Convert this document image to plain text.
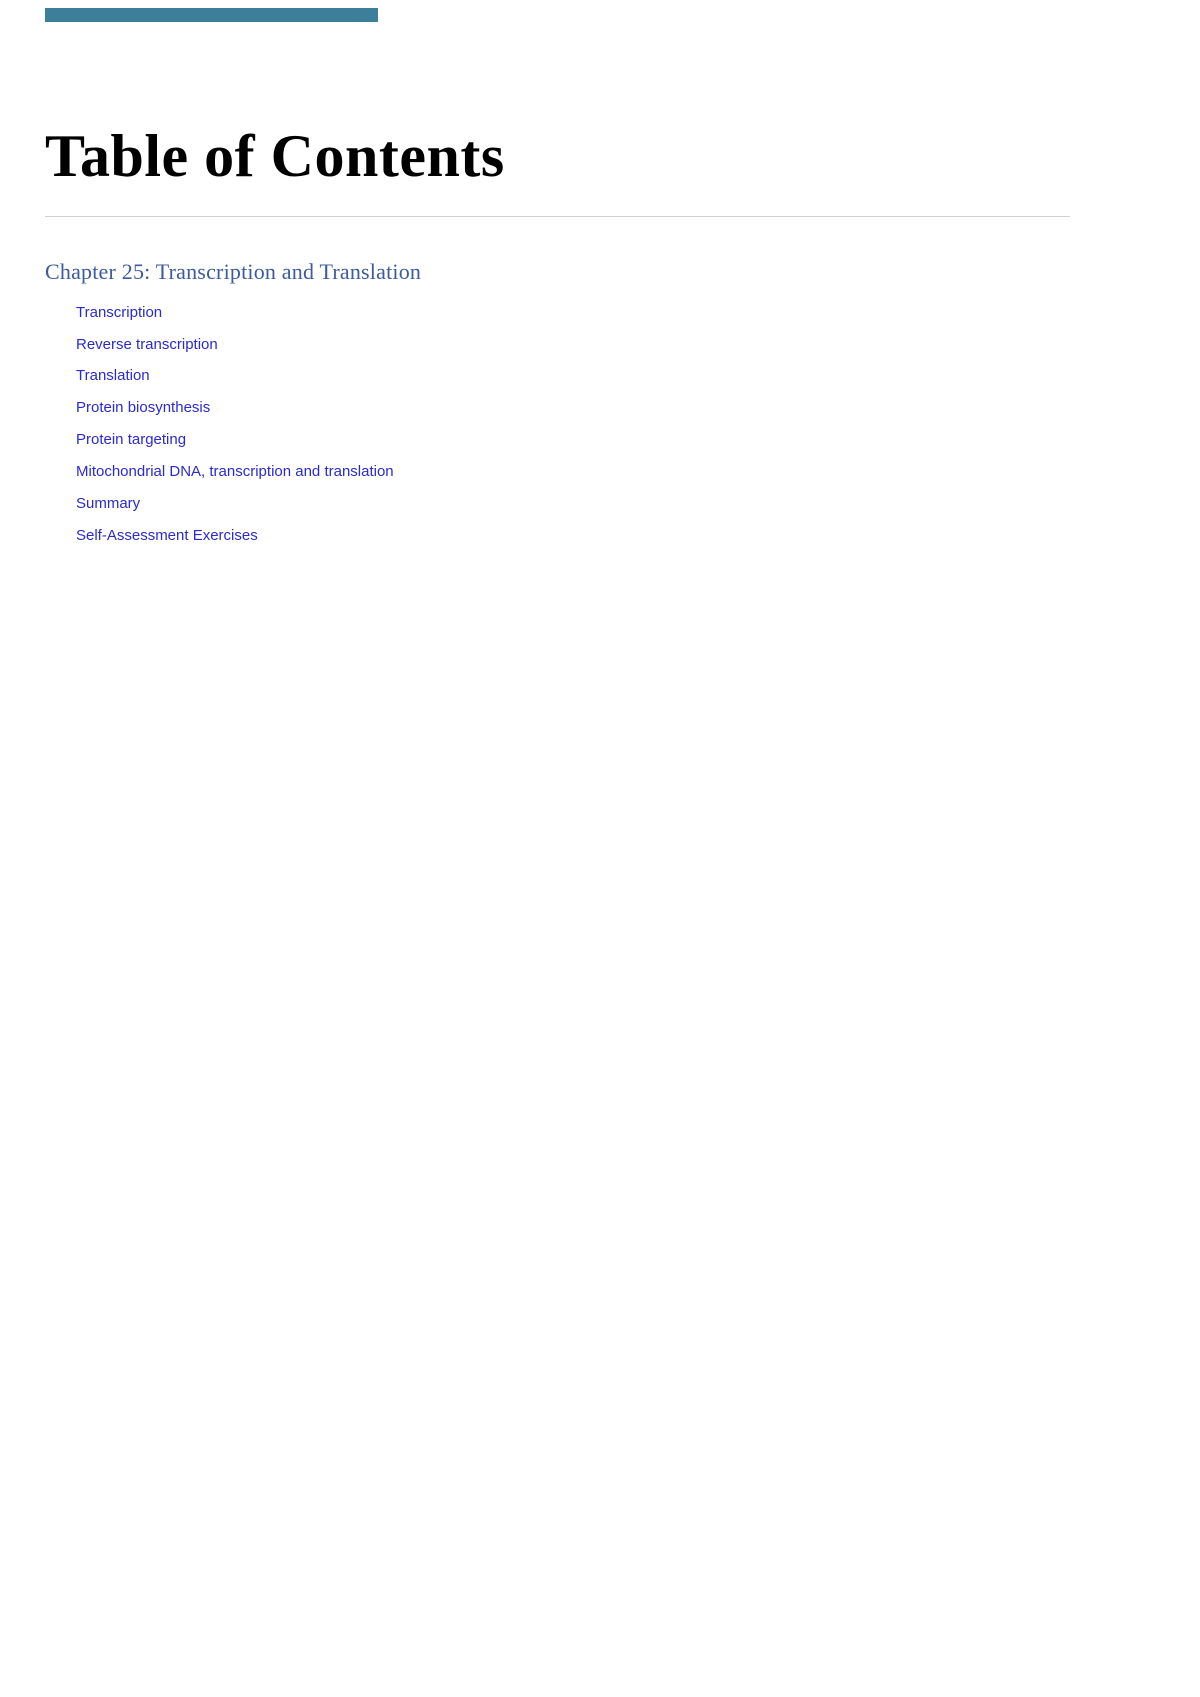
Table of Contents
Chapter 25: Transcription and Translation
Transcription
Reverse transcription
Translation
Protein biosynthesis
Protein targeting
Mitochondrial DNA, transcription and translation
Summary
Self-Assessment Exercises
